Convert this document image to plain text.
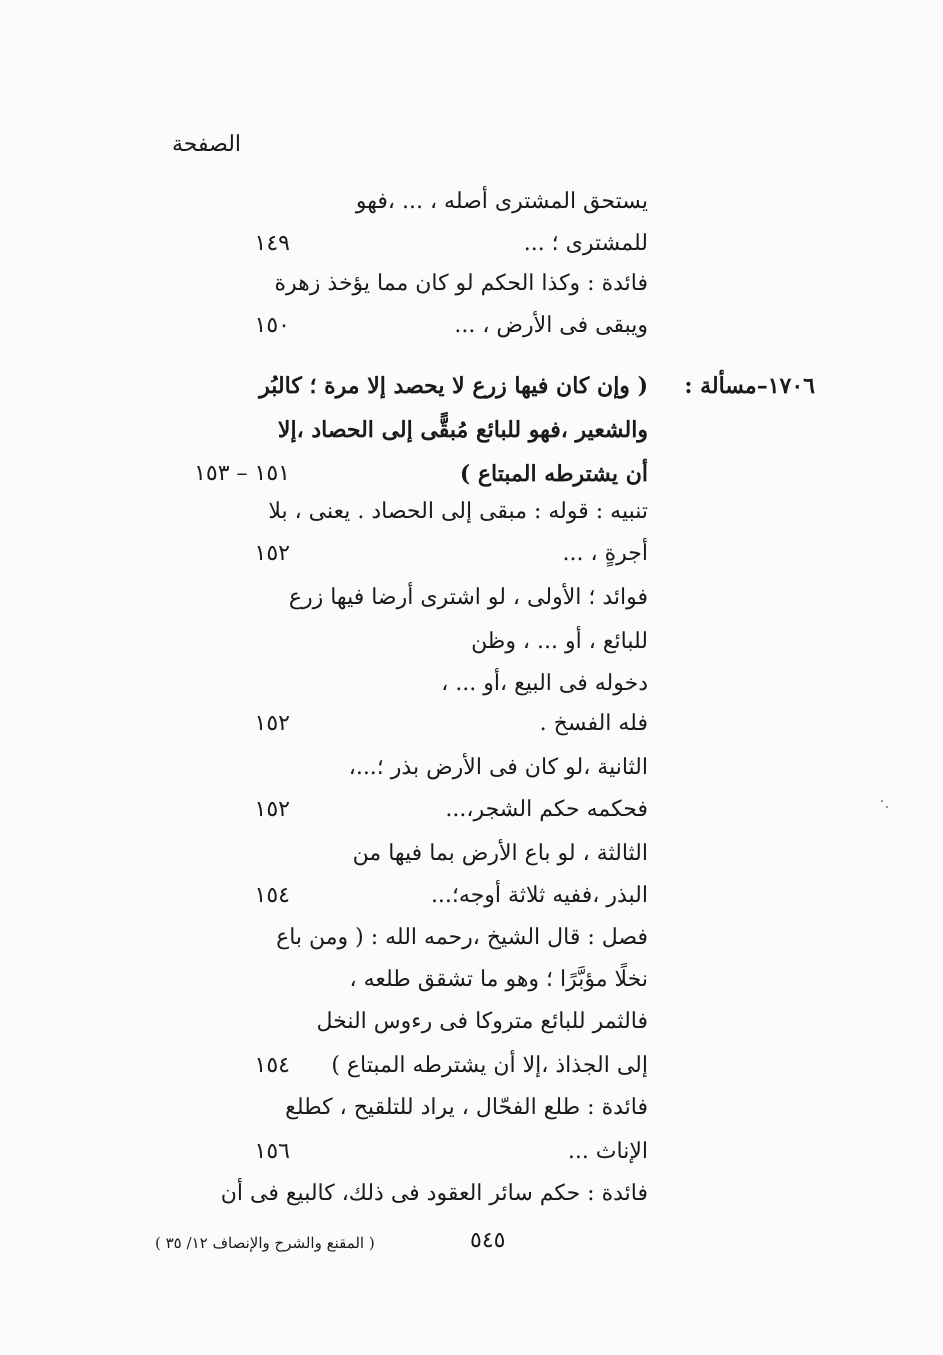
الصفحة
يستحق المشترى أصله ، ... ،فهو
للمشترى ؛ ...
١٤٩
فائدة : وكذا الحكم لو كان مما يؤخذ زهرة
ويبقى فى الأرض ، ...
١٥٠
١٧٠٦–مسألة :
( وإن كان فيها زرع لا يحصد إلا مرة ؛ كالبُر
والشعير ،فهو للبائع مُبقًّى إلى الحصاد ،إلا
أن يشترطه المبتاع )
١٥١ – ١٥٣
تنبيه : قوله : مبقى إلى الحصاد . يعنى ، بلا
أجرةٍ ، ...
١٥٢
فوائد ؛ الأولى ، لو اشترى أرضا فيها زرع
للبائع ، أو ... ، وظن
دخوله فى البيع ،أو ... ،
فله الفسخ .
١٥٢
الثانية ،لو كان فى الأرض بذر ؛...،
فحكمه حكم الشجر،...
١٥٢
الثالثة ، لو باع الأرض بما فيها من
البذر ،ففيه ثلاثة أوجه؛...
١٥٤
فصل : قال الشيخ ،رحمه الله : ( ومن باع
نخلًا مؤبَّرًا ؛ وهو ما تشقق طلعه ،
فالثمر للبائع متروكا فى رءوس النخل
إلى الجذاذ ،إلا أن يشترطه المبتاع )
١٥٤
فائدة : طلع الفحّال ، يراد للتلقيح ، كطلع
الإناث ...
١٥٦
فائدة : حكم سائر العقود فى ذلك، كالبيع فى أن
( المقنع والشرح والإنصاف ١٢/ ٣٥ )	٥٤٥
